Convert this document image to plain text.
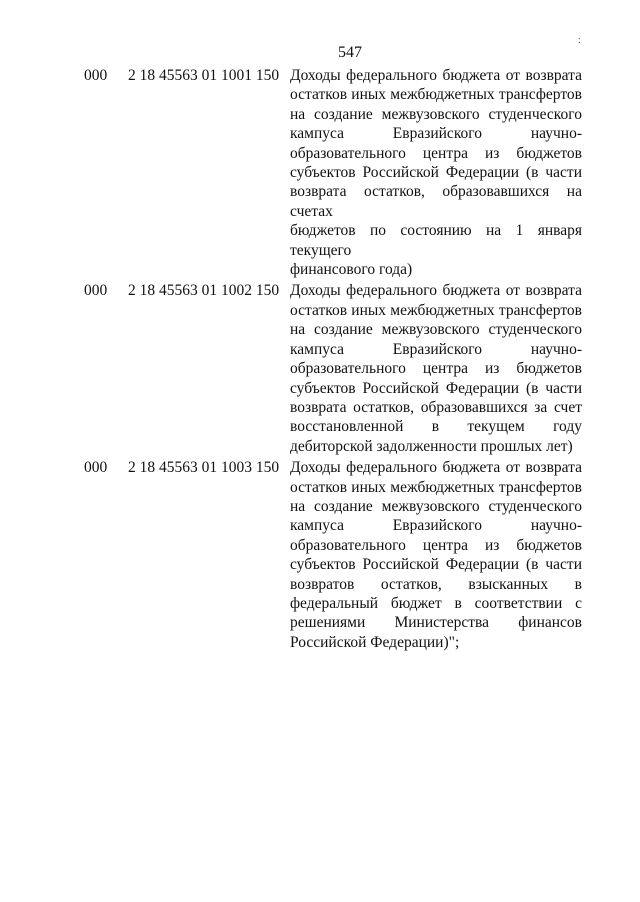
547
:
000 2 18 45563 01 1001 150 Доходы федерального бюджета от возврата
остатков иных межбюджетных трансфертов
на создание межвузовского студенческого
кампуса Евразийского научно-
образовательного центра из бюджетов
субъектов Российской Федерации (в части
возврата остатков, образовавшихся на счетах
бюджетов по состоянию на 1 января текущего
финансового года)
000 2 18 45563 01 1002 150 Доходы федерального бюджета от возврата
остатков иных межбюджетных трансфертов
на создание межвузовского студенческого
кампуса Евразийского научно-
образовательного центра из бюджетов
субъектов Российской Федерации (в части
возврата остатков, образовавшихся за счет
восстановленной в текущем году
дебиторской задолженности прошлых лет)
000 2 18 45563 01 1003 150 Доходы федерального бюджета от возврата
остатков иных межбюджетных трансфертов
на создание межвузовского студенческого
кампуса Евразийского научно-
образовательного центра из бюджетов
субъектов Российской Федерации (в части
возвратов остатков, взысканных в
федеральный бюджет в соответствии с
решениями Министерства финансов
Российской Федерации)";
